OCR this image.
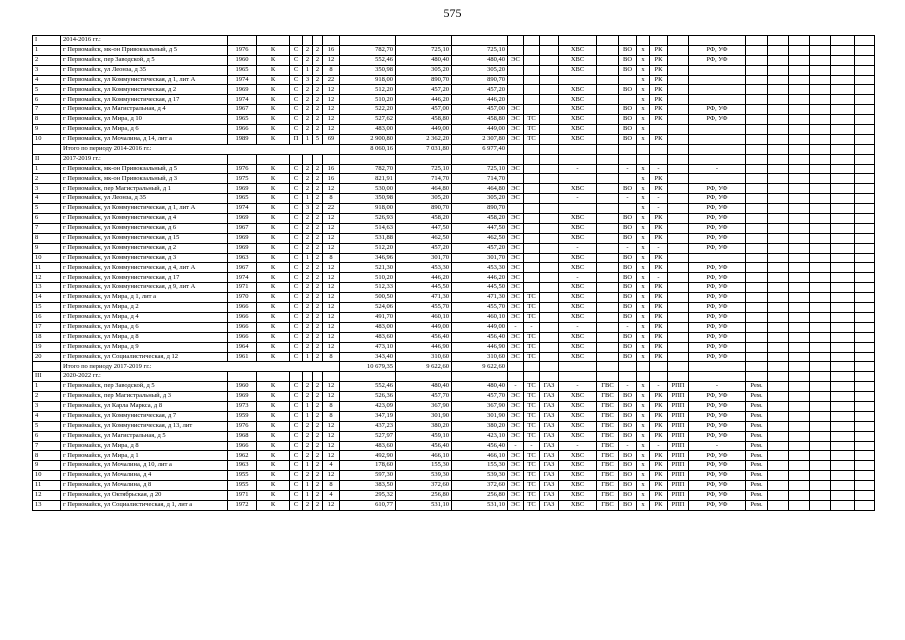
575
I	2014-2016 гг.:																									
1	г Первомайск, мк-он Привокзальный, д 5	1976	К	С	2	2	16	782,70	725,10	725,10				ХВС		ВО	х	РК		РФ, УФ						
2	г Первомайск, пер Заводской, д 5	1960	К	С	2	2	12	552,46	480,40	480,40	ЭС			ХВС		ВО	х	РК		РФ, УФ						
3	г Первомайск, ул Леонза, д 35	1965	К	С	1	2	8	350,98	305,20	305,20				ХВС		ВО	х	РК								
4	г Первомайск, ул Коммунистическая, д 1, лит А	1974	К	С	3	2	22	918,00	890,70	890,70							х	РК								
5	г Первомайск, ул Коммунистическая, д 2	1969	К	С	2	2	12	512,20	457,20	457,20				ХВС		ВО	х	РК								
6	г Первомайск, ул Коммунистическая, д 17	1974	К	С	2	2	12	510,20	446,20	446,20				ХВС			х	РК								
7	г Первомайск, ул Магистральная, д 4	1967	К	С	2	2	12	522,20	457,00	457,00	ЭС			ХВС		ВО	х	РК		РФ, УФ						
8	г Первомайск, ул Мира, д 10	1965	К	С	2	2	12	527,62	458,80	458,80	ЭС	ТС		ХВС		ВО	х	РК		РФ, УФ						
9	г Первомайск, ул Мира, д 6	1966	К	С	2	2	12	483,00	449,00	449,00	ЭС	ТС		ХВС		ВО	х									
10	г Первомайск, ул Мочалина, д 14, лит а	1989	К	П	1	5	69	2 900,80	2 362,20	2 307,80	ЭС	ТС		ХВС		ВО	х	РК								
	Итого по периоду 2014-2016 гг.:							8 060,16	7 031,80	6 977,40																
II	2017-2019 гг.:																									
1	г Первомайск, мк-он Привокзальный, д 5	1976	К	С	2	2	16	782,70	725,10	725,10	ЭС			-		-	х	-		-						
2	г Первомайск, мк-он Привокзальный, д 3	1975	К	С	2	2	16	821,91	714,70	714,70							х	РК								
3	г Первомайск, пер Магистральный, д 1	1969	К	С	2	2	12	530,00	464,80	464,80	ЭС			ХВС		ВО	х	РК		РФ, УФ						
4	г Первомайск, ул Леонза, д 35	1965	К	С	1	2	8	350,98	305,20	305,20	ЭС			-		-	х	-		РФ, УФ						
5	г Первомайск, ул Коммунистическая, д 1, лит А	1974	К	С	3	2	22	918,00	890,70	890,70							х	-		РФ, УФ						
6	г Первомайск, ул Коммунистическая, д 4	1969	К	С	2	2	12	526,93	458,20	458,20	ЭС			ХВС		ВО	х	РК		РФ, УФ						
7	г Первомайск, ул Коммунистическая, д 6	1967	К	С	2	2	12	514,63	447,50	447,50	ЭС			ХВС		ВО	х	РК		РФ, УФ						
8	г Первомайск, ул Коммунистическая, д 15	1969	К	С	2	2	12	531,88	462,50	462,50	ЭС			ХВС		ВО	х	РК		РФ, УФ						
9	г Первомайск, ул Коммунистическая, д 2	1969	К	С	2	2	12	512,20	457,20	457,20	ЭС			-		-	х	-		РФ, УФ						
10	г Первомайск, ул Коммунистическая, д 3	1963	К	С	1	2	8	346,96	301,70	301,70	ЭС			ХВС		ВО	х	РК								
11	г Первомайск, ул Коммунистическая, д 4, лит А	1967	К	С	2	2	12	521,30	453,30	453,30	ЭС			ХВС		ВО	х	РК		РФ, УФ						
12	г Первомайск, ул Коммунистическая, д 17	1974	К	С	2	2	12	510,20	446,20	446,20	ЭС			-		ВО	х	-		РФ, УФ						
13	г Первомайск, ул Коммунистическая, д 9, лит А	1971	К	С	2	2	12	512,33	445,50	445,50	ЭС			ХВС		ВО	х	РК		РФ, УФ						
14	г Первомайск, ул Мира, д 1, лит а	1970	К	С	2	2	12	500,50	471,30	471,30	ЭС	ТС		ХВС		ВО	х	РК		РФ, УФ						
15	г Первомайск, ул Мира, д 2	1966	К	С	2	2	12	524,06	455,70	455,70	ЭС	ТС		ХВС		ВО	х	РК		РФ, УФ						
16	г Первомайск, ул Мира, д 4	1966	К	С	2	2	12	491,70	460,10	460,10	ЭС	ТС		ХВС		ВО	х	РК		РФ, УФ						
17	г Первомайск, ул Мира, д 6	1966	К	С	2	2	12	483,00	449,00	449,00	-	-		-		-	х	РК		РФ, УФ						
18	г Первомайск, ул Мира, д 8	1966	К	С	2	2	12	483,60	456,40	456,40	ЭС	ТС		ХВС		ВО	х	РК		РФ, УФ						
19	г Первомайск, ул Мира, д 9	1964	К	С	2	2	12	473,10	446,90	446,90	ЭС	ТС		ХВС		ВО	х	РК		РФ, УФ						
20	г Первомайск, ул Социалистическая, д 12	1961	К	С	1	2	8	343,40	310,60	310,60	ЭС	ТС		ХВС		ВО	х	РК		РФ, УФ						
	Итого по периоду 2017-2019 гг.:							10 679,35	9 622,60	9 622,60																
III	2020-2022 гг.:																									
1	г Первомайск, пер Заводской, д 5	1960	К	С	2	2	12	552,46	480,40	480,40	-	ТС	ГАЗ	-	ГВС	-	х	-	РПП	-	Рем.					
2	г Первомайск, пер Магистральный, д 3	1969	К	С	2	2	12	526,36	457,70	457,70	ЭС	ТС	ГАЗ	ХВС	ГВС	ВО	х	РК	РПП	РФ, УФ	Рем.					
3	г Первомайск, ул Карла Маркса, д 8	1973	К	С	1	2	8	423,09	367,90	367,90	ЭС	ТС	ГАЗ	ХВС	ГВС	ВО	х	РК	РПП	РФ, УФ	Рем.					
4	г Первомайск, ул Коммунистическая, д 7	1959	К	С	1	2	8	347,19	301,90	301,90	ЭС	ТС	ГАЗ	ХВС	ГВС	ВО	х	РК	РПП	РФ, УФ	Рем.					
5	г Первомайск, ул Коммунистическая, д 13, лит	1976	К	С	2	2	12	437,23	380,20	380,20	ЭС	ТС	ГАЗ	ХВС	ГВС	ВО	х	РК	РПП	РФ, УФ	Рем.					
6	г Первомайск, ул Магистральная, д 5	1968	К	С	2	2	12	527,97	459,10	423,10	ЭС	ТС	ГАЗ	ХВС	ГВС	ВО	х	РК	РПП	РФ, УФ	Рем.					
7	г Первомайск, ул Мира, д 8	1966	К	С	2	2	12	483,60	456,40	456,40	-	-	ГАЗ	-	ГВС	-	х	-	РПП	-	Рем.					
8	г Первомайск, ул Мира, д 1	1962	К	С	2	2	12	492,90	466,10	466,10	ЭС	ТС	ГАЗ	ХВС	ГВС	ВО	х	РК	РПП	РФ, УФ	Рем.					
9	г Первомайск, ул Мочалина, д 10, лит а	1963	К	С	1	2	4	178,60	155,30	155,30	ЭС	ТС	ГАЗ	ХВС	ГВС	ВО	х	РК	РПП	РФ, УФ	Рем.					
10	г Первомайск, ул Мочалина, д 4	1955	К	С	2	2	12	597,30	539,30	539,30	ЭС	ТС	ГАЗ	ХВС	ГВС	ВО	х	РК	РПП	РФ, УФ	Рем.					
11	г Первомайск, ул Мочалина, д 8	1955	К	С	1	2	8	383,50	372,60	372,60	ЭС	ТС	ГАЗ	ХВС	ГВС	ВО	х	РК	РПП	РФ, УФ	Рем.					
12	г Первомайск, ул Октябрьская, д 20	1971	К	С	1	2	4	295,32	256,80	256,80	ЭС	ТС	ГАЗ	ХВС	ГВС	ВО	х	РК	РПП	РФ, УФ	Рем.					
13	г Первомайск, ул Социалистическая, д 1, лит а	1972	К	С	2	2	12	610,77	531,10	531,10	ЭС	ТС	ГАЗ	ХВС	ГВС	ВО	х	РК	РПП	РФ, УФ	Рем.					
